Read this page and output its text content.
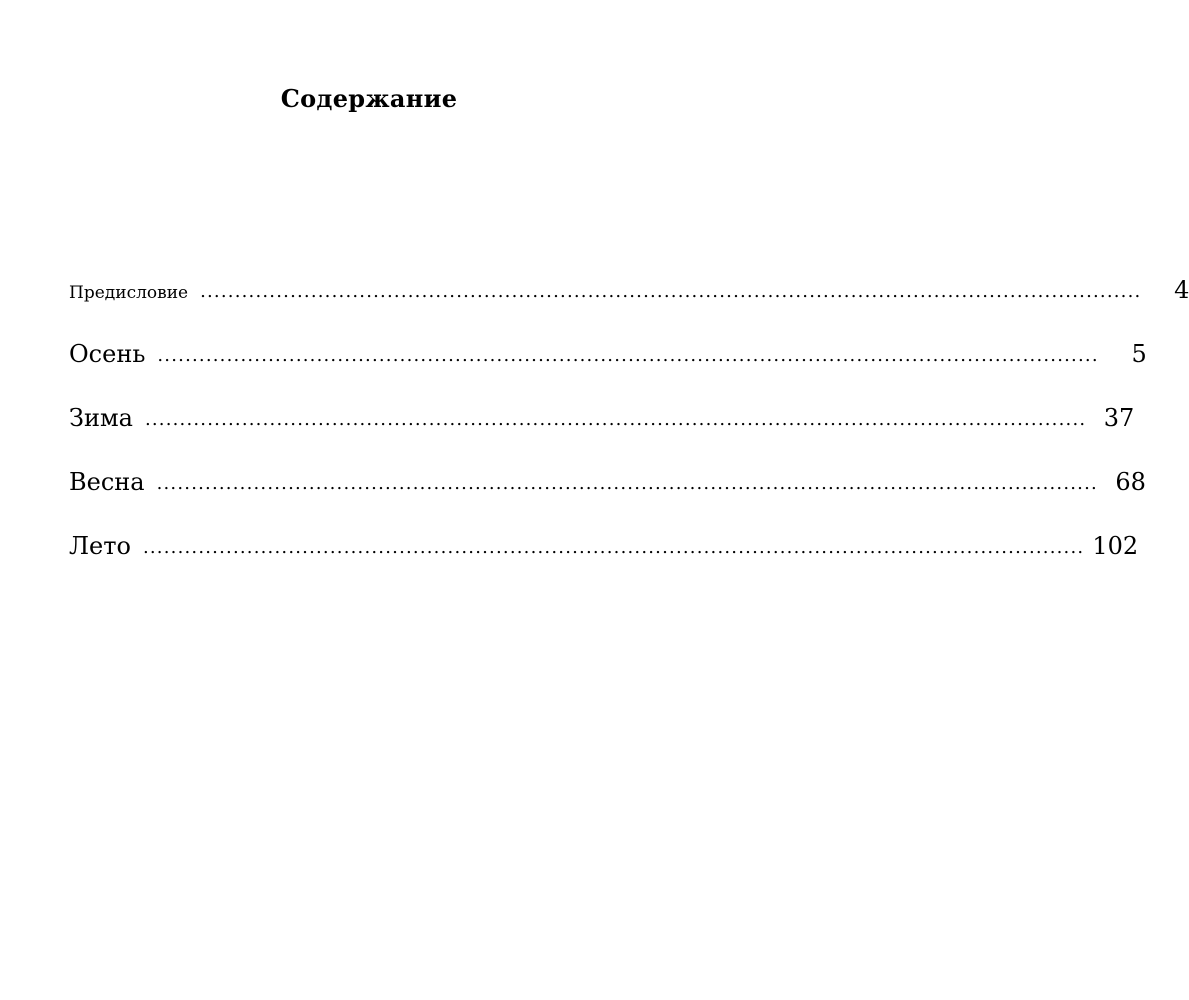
Содержание
Предисловие ........................................................................................................................................	4
Осень ........................................................................................................................................	5
Зима ........................................................................................................................................ 37
Весна ........................................................................................................................................ 68
Лето ........................................................................................................................................ 102
